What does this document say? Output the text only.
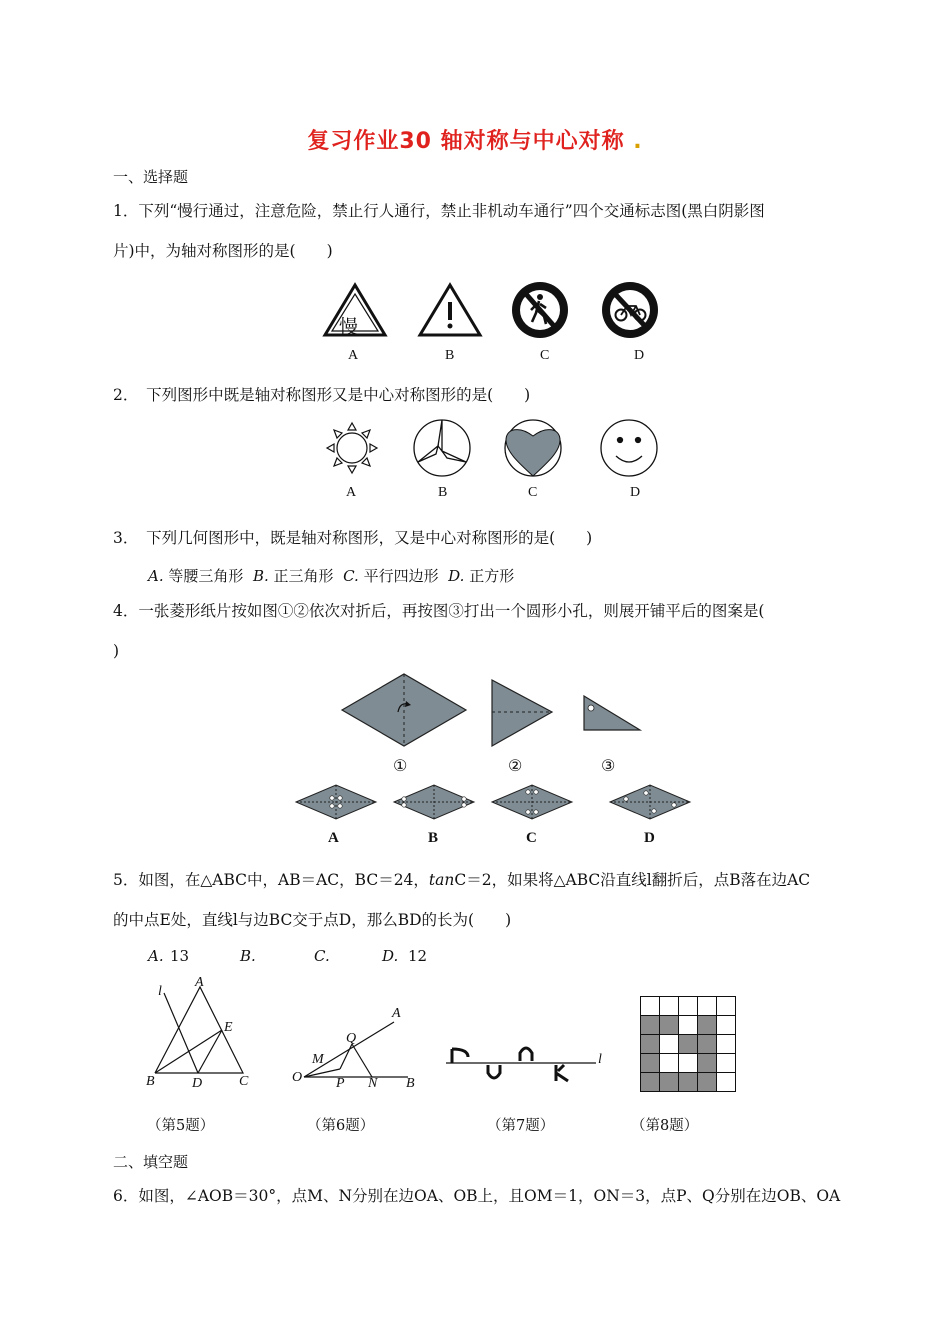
复习作业30 轴对称与中心对称 .
一、选择题
1．下列“慢行通过，注意危险，禁止行人通行，禁止非机动车通行”四个交通标志图(黑白阴影图
片)中，为轴对称图形的是(　　)
慢
A	B	C	D
2．　下列图形中既是轴对称图形又是中心对称图形的是(　　)
A	B	C	D
3．　下列几何图形中，既是轴对称图形，又是中心对称图形的是(　　)
A. 等腰三角形 B. 正三角形 C. 平行四边形 D. 正方形
4．一张菱形纸片按如图①②依次对折后，再按图③打出一个圆形小孔，则展开铺平后的图案是(
)
①	②	③
A	B	C	D
5．如图，在△ABC中，AB＝AC，BC＝24，tanC＝2，如果将△ABC沿直线l翻折后，点B落在边AC
的中点E处，直线l与边BC交于点D，那么BD的长为(　　)
A. 13	B.	C.	D. 12
A
l
E
B	D	C
A
Q
M
O P N B
l
（第5题）	（第6题）	（第7题）	（第8题）
二、填空题
6．如图，∠AOB＝30°，点M、N分别在边OA、OB上，且OM＝1，ON＝3，点P、Q分别在边OB、OA
